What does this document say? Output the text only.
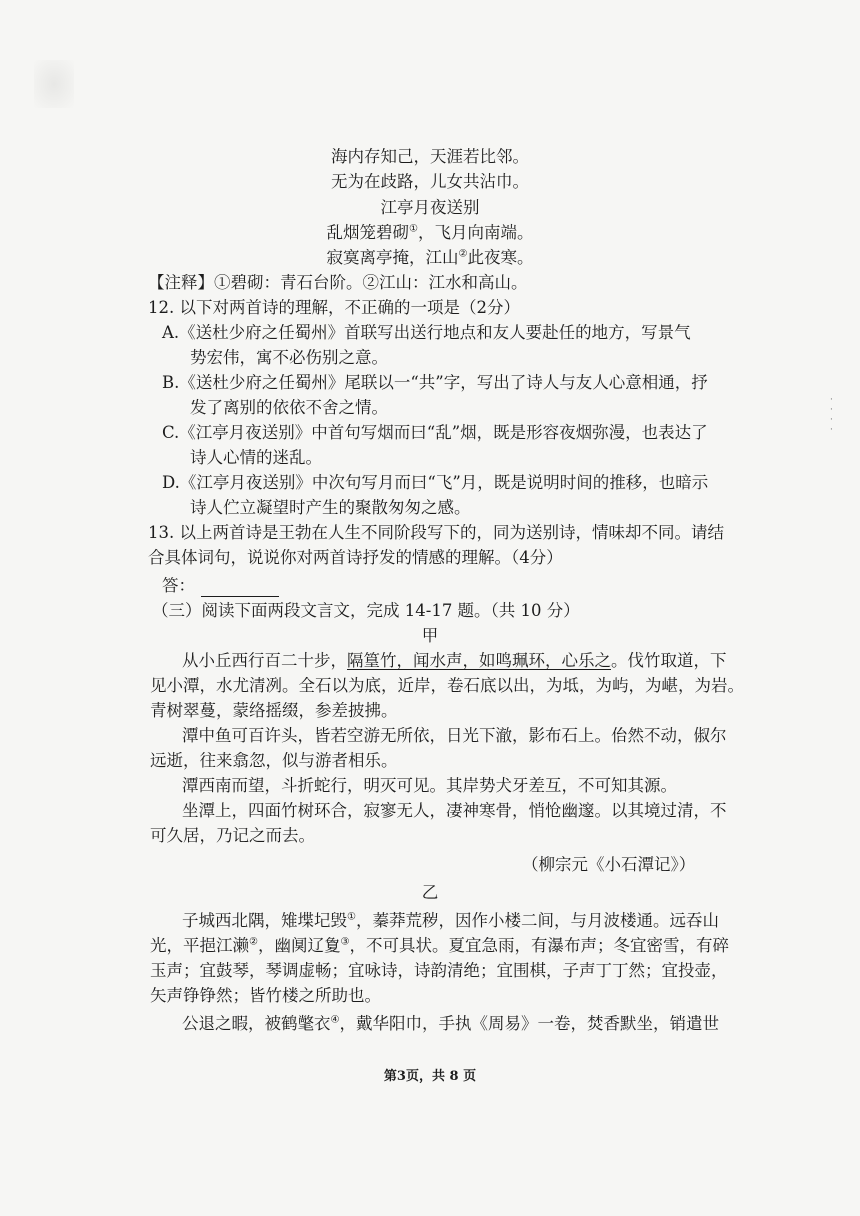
·
·
·
·
海内存知己，天涯若比邻。
无为在歧路，儿女共沾巾。
江亭月夜送别
乱烟笼碧砌①，飞月向南端。
寂寞离亭掩，江山②此夜寒。
【注释】①碧砌：青石台阶。②江山：江水和高山。
12. 以下对两首诗的理解，不正确的一项是（2分）
A.《送杜少府之任蜀州》首联写出送行地点和友人要赴任的地方，写景气
势宏伟，寓不必伤别之意。
B.《送杜少府之任蜀州》尾联以一“共”字，写出了诗人与友人心意相通，抒
发了离别的依依不舍之情。
C.《江亭月夜送别》中首句写烟而曰“乱”烟，既是形容夜烟弥漫，也表达了
诗人心情的迷乱。
D.《江亭月夜送别》中次句写月而曰“飞”月，既是说明时间的推移，也暗示
诗人伫立凝望时产生的聚散匆匆之感。
13. 以上两首诗是王勃在人生不同阶段写下的，同为送别诗，情味却不同。请结
合具体词句，说说你对两首诗抒发的情感的理解。（4分）
答：
（三）阅读下面两段文言文，完成 14-17 题。（共 10 分）
甲
从小丘西行百二十步，隔篁竹，闻水声，如鸣珮环，心乐之。伐竹取道，下
见小潭，水尤清冽。全石以为底，近岸，卷石底以出，为坻，为屿，为嵁，为岩。
青树翠蔓，蒙络摇缀，参差披拂。
潭中鱼可百许头，皆若空游无所依，日光下澈，影布石上。佁然不动，俶尔
远逝，往来翕忽，似与游者相乐。
潭西南而望，斗折蛇行，明灭可见。其岸势犬牙差互，不可知其源。
坐潭上，四面竹树环合，寂寥无人，凄神寒骨，悄怆幽邃。以其境过清，不
可久居，乃记之而去。
（柳宗元《小石潭记》）
乙
子城西北隅，雉堞圮毁①，蓁莽荒秽，因作小楼二间，与月波楼通。远吞山
光，平挹江濑②，幽阒辽夐③，不可具状。夏宜急雨，有瀑布声；冬宜密雪，有碎
玉声；宜鼓琴，琴调虚畅；宜咏诗，诗韵清绝；宜围棋，子声丁丁然；宜投壶，
矢声铮铮然；皆竹楼之所助也。
公退之暇，被鹤氅衣④，戴华阳巾，手执《周易》一卷，焚香默坐，销遣世
第3页，共 8 页
